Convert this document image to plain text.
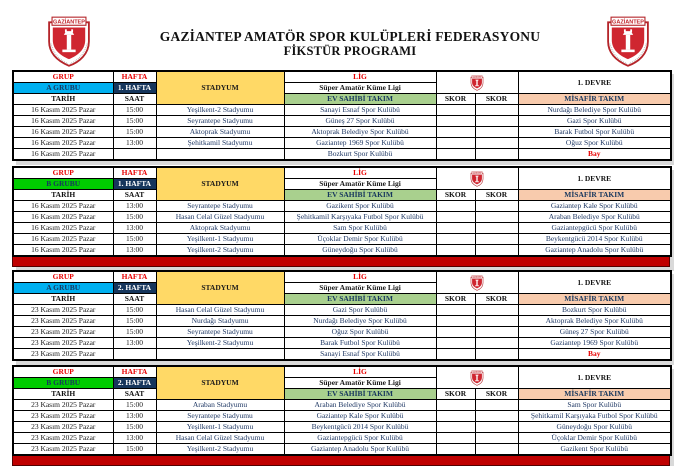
GAZİANTEP AMATÖR SPOR KULÜPLERİ FEDERASYONU
FİKSTÜR PROGRAMI
GRUP	HAFTA	STADYUM	LİG			1. DEVRE
A GRUBU	1. HAFTA		Süper Amatör Küme Ligi			
TARİH	SAAT		EV SAHİBİ TAKIM	SKOR	SKOR	MİSAFİR TAKIM
16 Kasım 2025 Pazar	15:00	Yeşilkent-2 Stadyumu	Sanayi Esnaf Spor Kulübü			Nurdağı Belediye Spor Kulübü
16 Kasım 2025 Pazar	15:00	Seyrantepe Stadyumu	Güneş 27 Spor Kulübü			Gazi Spor Kulübü
16 Kasım 2025 Pazar	15:00	Aktoprak Stadyumu	Aktoprak Belediye Spor Kulübü			Barak Futbol Spor Kulübü
16 Kasım 2025 Pazar	13:00	Şehitkamil Stadyumu	Gaziantep 1969 Spor Kulübü			Oğuz Spor Kulübü
16 Kasım 2025 Pazar			Bozkurt Spor Kulübü			Bay
GRUP	HAFTA	STADYUM	LİG			1. DEVRE
B GRUBU	1. HAFTA		Süper Amatör Küme Ligi			
TARİH	SAAT		EV SAHİBİ TAKIM	SKOR	SKOR	MİSAFİR TAKIM
16 Kasım 2025 Pazar	13:00	Seyrantepe Stadyumu	Gazikent Spor Kulübü			Gaziantep Kale Spor Kulübü
16 Kasım 2025 Pazar	15:00	Hasan Celal Güzel Stadyumu	Şehitkamil Karşıyaka Futbol Spor Kulübü			Araban Belediye Spor Kulübü
16 Kasım 2025 Pazar	13:00	Aktoprak Stadyumu	Sam Spor Kulübü			Gaziantepgücü Spor Kulübü
16 Kasım 2025 Pazar	15:00	Yeşilkent-1 Stadyumu	Üçoklar Demir Spor Kulübü			Beykentgücü 2014 Spor Kulübü
16 Kasım 2025 Pazar	13:00	Yeşilkent-2 Stadyumu	Güneydoğu Spor Kulübü			Gaziantep Anadolu Spor Kulübü
GRUP	HAFTA	STADYUM	LİG			1. DEVRE
A GRUBU	2. HAFTA		Süper Amatör Küme Ligi			
TARİH	SAAT		EV SAHİBİ TAKIM	SKOR	SKOR	MİSAFİR TAKIM
23 Kasım 2025 Pazar	15:00	Hasan Celal Güzel Stadyumu	Gazi Spor Kulübü			Bozkurt Spor Kulübü
23 Kasım 2025 Pazar	15:00	Nurdağı Stadyumu	Nurdağı Belediye Spor Kulübü			Aktoprak Belediye Spor Kulübü
23 Kasım 2025 Pazar	15:00	Seyrantepe Stadyumu	Oğuz Spor Kulübü			Güneş 27 Spor Kulübü
23 Kasım 2025 Pazar	13:00	Yeşilkent-2 Stadyumu	Barak Futbol Spor Kulübü			Gaziantep 1969 Spor Kulübü
23 Kasım 2025 Pazar			Sanayi Esnaf Spor Kulübü			Bay
GRUP	HAFTA	STADYUM	LİG			1. DEVRE
B GRUBU	2. HAFTA		Süper Amatör Küme Ligi			
TARİH	SAAT		EV SAHİBİ TAKIM	SKOR	SKOR	MİSAFİR TAKIM
23 Kasım 2025 Pazar	15:00	Araban Stadyumu	Araban Belediye Spor Kulübü			Sam Spor Kulübü
23 Kasım 2025 Pazar	13:00	Seyrantepe Stadyumu	Gaziantep Kale Spor Kulübü			Şehitkamil Karşıyaka Futbol Spor Kulübü
23 Kasım 2025 Pazar	15:00	Yeşilkent-1 Stadyumu	Beykentgücü 2014 Spor Kulübü			Güneydoğu Spor Kulübü
23 Kasım 2025 Pazar	13:00	Hasan Celal Güzel Stadyumu	Gaziantepgücü Spor Kulübü			Üçoklar Demir Spor Kulübü
23 Kasım 2025 Pazar	15:00	Yeşilkent-2 Stadyumu	Gaziantep Anadolu Spor Kulübü			Gazikent Spor Kulübü
